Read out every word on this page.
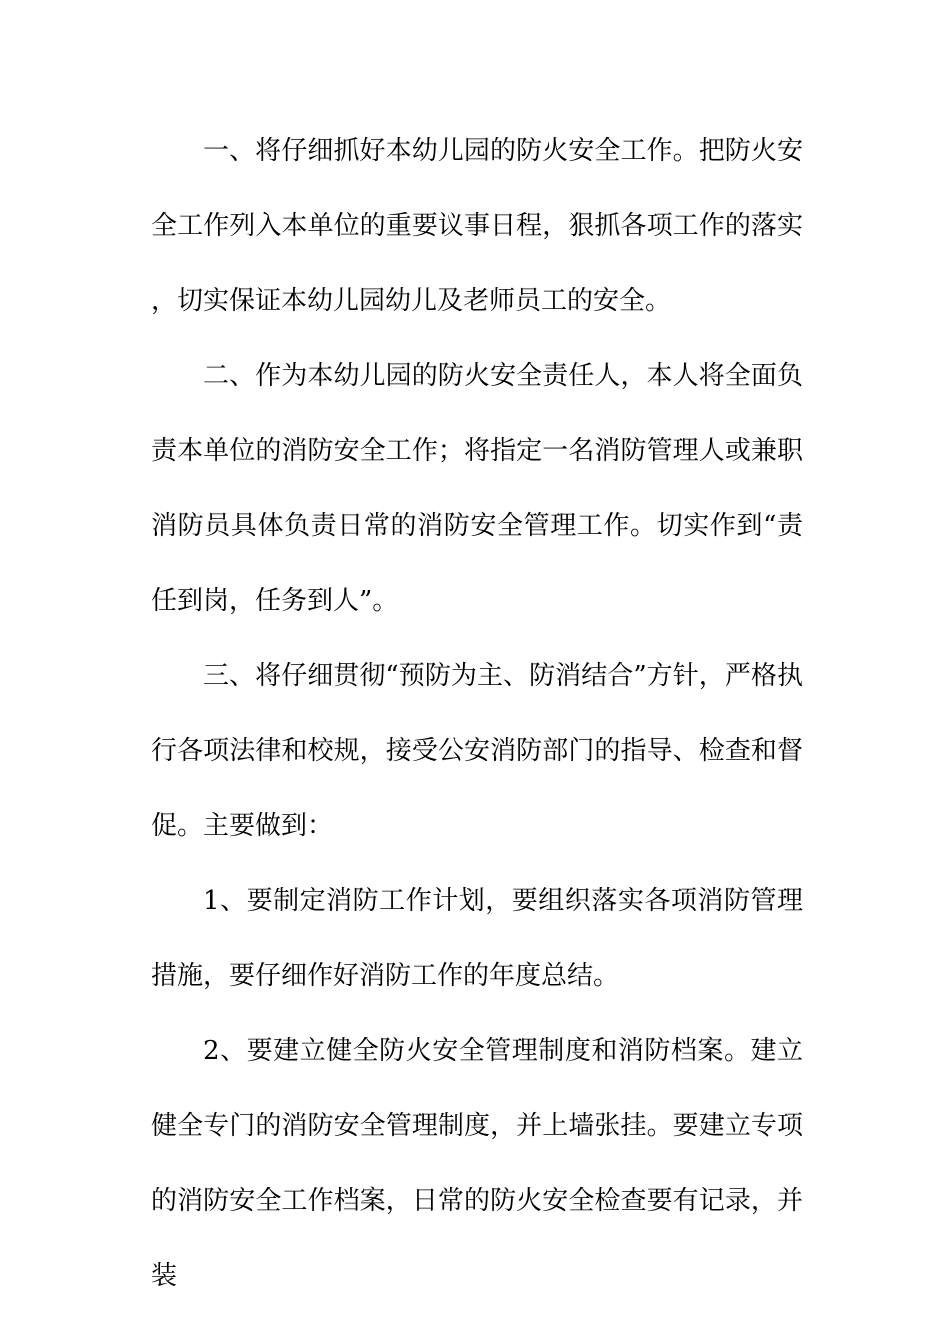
一、将仔细抓好本幼儿园的防火安全工作。把防火安全工作列入本单位的重要议事日程，狠抓各项工作的落实，切实保证本幼儿园幼儿及老师员工的安全。

二、作为本幼儿园的防火安全责任人，本人将全面负责本单位的消防安全工作；将指定一名消防管理人或兼职消防员具体负责日常的消防安全管理工作。切实作到“责任到岗，任务到人”。

三、将仔细贯彻“预防为主、防消结合”方针，严格执行各项法律和校规，接受公安消防部门的指导、检查和督促。主要做到：

1、要制定消防工作计划，要组织落实各项消防管理措施，要仔细作好消防工作的年度总结。

2、要建立健全防火安全管理制度和消防档案。建立健全专门的消防安全管理制度，并上墙张挂。要建立专项的消防安全工作档案，日常的防火安全检查要有记录，并装
